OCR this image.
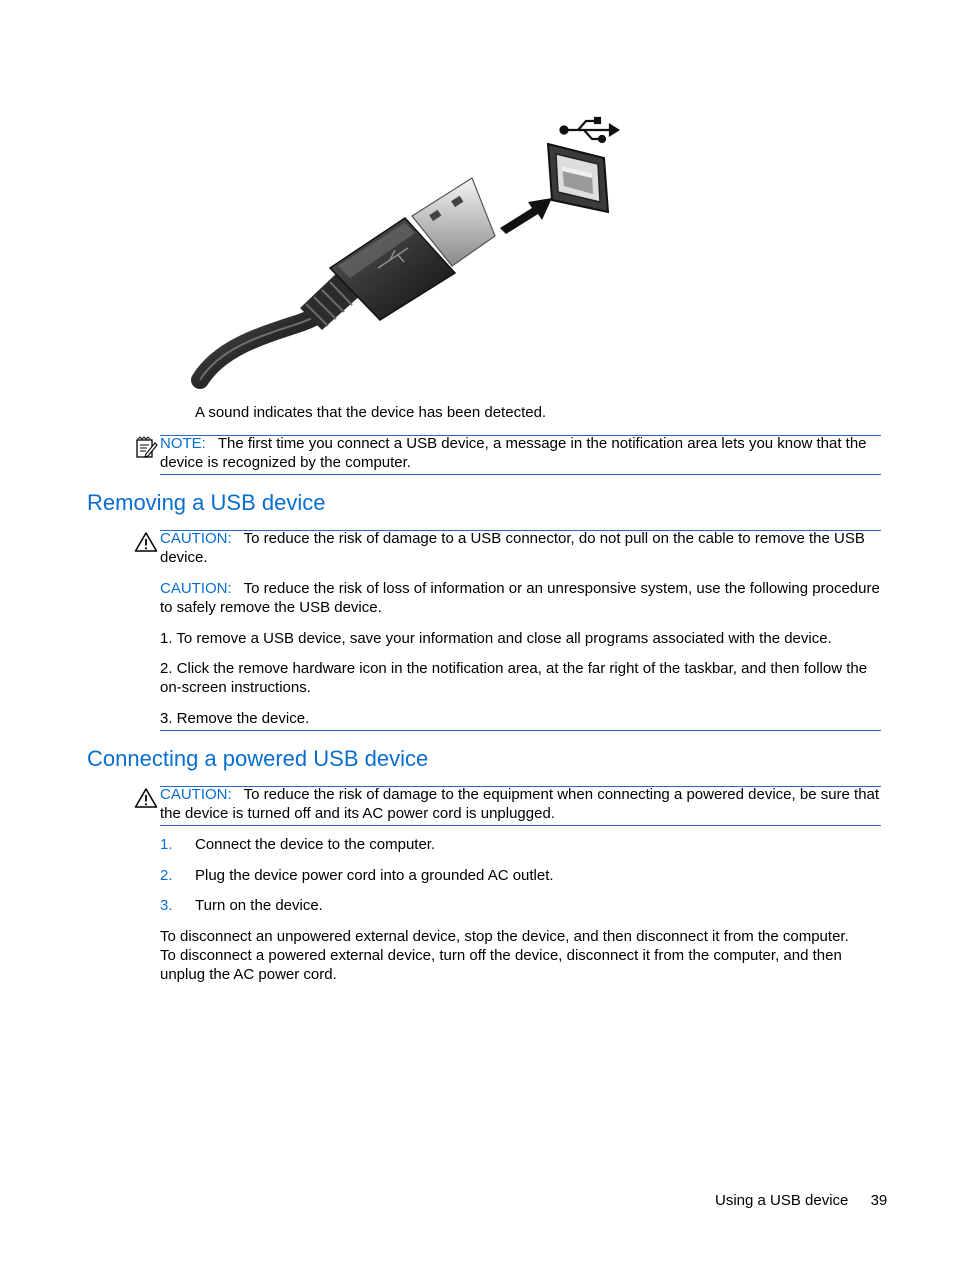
A sound indicates that the device has been detected.

NOTE: The first time you connect a USB device, a message in the notification area lets you know that the device is recognized by the computer.

Removing a USB device

CAUTION: To reduce the risk of damage to a USB connector, do not pull on the cable to remove the USB device.

CAUTION: To reduce the risk of loss of information or an unresponsive system, use the following procedure to safely remove the USB device.

1. To remove a USB device, save your information and close all programs associated with the device.

2. Click the remove hardware icon in the notification area, at the far right of the taskbar, and then follow the on-screen instructions.

3. Remove the device.

Connecting a powered USB device

CAUTION: To reduce the risk of damage to the equipment when connecting a powered device, be sure that the device is turned off and its AC power cord is unplugged.

1. Connect the device to the computer.
2. Plug the device power cord into a grounded AC outlet.
3. Turn on the device.

To disconnect an unpowered external device, stop the device, and then disconnect it from the computer. To disconnect a powered external device, turn off the device, disconnect it from the computer, and then unplug the AC power cord.

Using a USB device 39
